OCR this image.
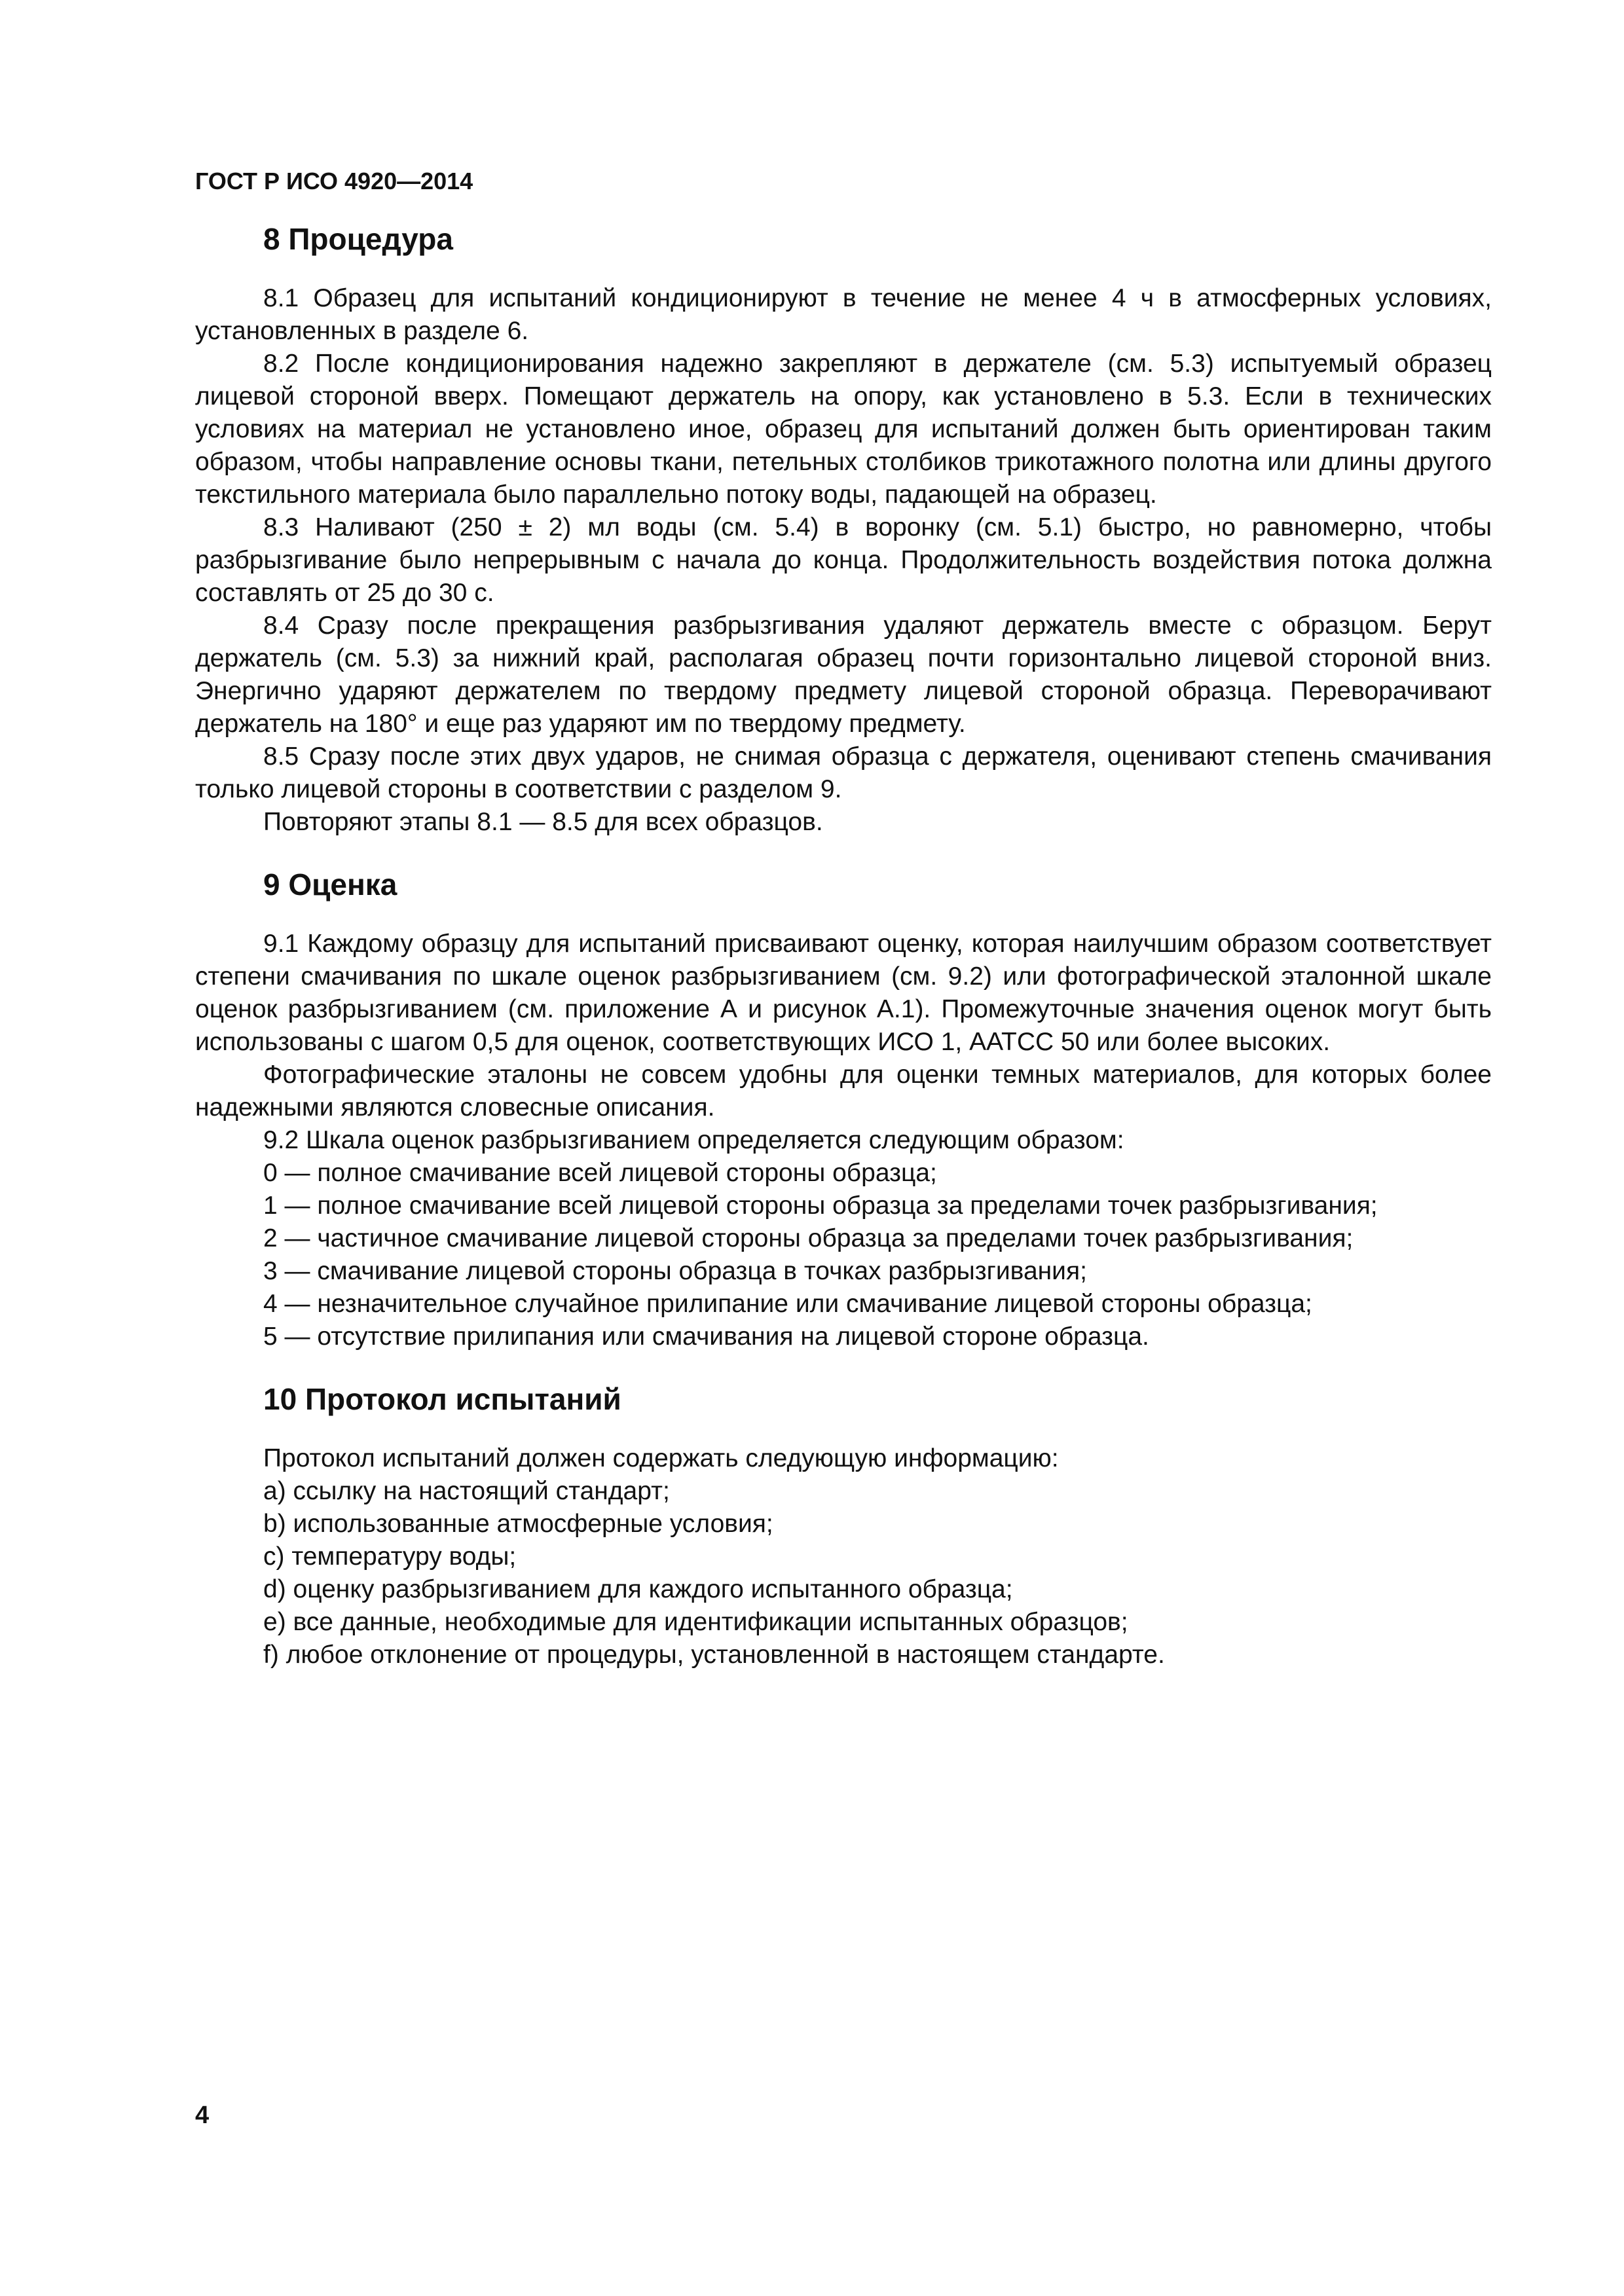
ГОСТ Р ИСО 4920—2014

8 Процедура

8.1 Образец для испытаний кондиционируют в течение не менее 4 ч в атмосферных условиях, установленных в разделе 6.

8.2 После кондиционирования надежно закрепляют в держателе (см. 5.3) испытуемый образец лицевой стороной вверх. Помещают держатель на опору, как установлено в 5.3. Если в технических условиях на материал не установлено иное, образец для испытаний должен быть ориентирован таким образом, чтобы направление основы ткани, петельных столбиков трикотажного полотна или длины другого текстильного материала было параллельно потоку воды, падающей на образец.

8.3 Наливают (250 ± 2) мл воды (см. 5.4) в воронку (см. 5.1) быстро, но равномерно, чтобы разбрызгивание было непрерывным с начала до конца. Продолжительность воздействия потока должна составлять от 25 до 30 с.

8.4 Сразу после прекращения разбрызгивания удаляют держатель вместе с образцом. Берут держатель (см. 5.3) за нижний край, располагая образец почти горизонтально лицевой стороной вниз. Энергично ударяют держателем по твердому предмету лицевой стороной образца. Переворачивают держатель на 180° и еще раз ударяют им по твердому предмету.

8.5 Сразу после этих двух ударов, не снимая образца с держателя, оценивают степень смачивания только лицевой стороны в соответствии с разделом 9.

Повторяют этапы 8.1 — 8.5 для всех образцов.

9 Оценка

9.1 Каждому образцу для испытаний присваивают оценку, которая наилучшим образом соответствует степени смачивания по шкале оценок разбрызгиванием (см. 9.2) или фотографической эталонной шкале оценок разбрызгиванием (см. приложение А и рисунок А.1). Промежуточные значения оценок могут быть использованы с шагом 0,5 для оценок, соответствующих ИСО 1, ААТСС 50 или более высоких.

Фотографические эталоны не совсем удобны для оценки темных материалов, для которых более надежными являются словесные описания.

9.2 Шкала оценок разбрызгиванием определяется следующим образом:

0 — полное смачивание всей лицевой стороны образца;

1 — полное смачивание всей лицевой стороны образца за пределами точек разбрызгивания;

2 — частичное смачивание лицевой стороны образца за пределами точек разбрызгивания;

3 — смачивание лицевой стороны образца в точках разбрызгивания;

4 — незначительное случайное прилипание или смачивание лицевой стороны образца;

5 — отсутствие прилипания или смачивания на лицевой стороне образца.

10 Протокол испытаний

Протокол испытаний должен содержать следующую информацию:

a) ссылку на настоящий стандарт;

b) использованные атмосферные условия;

c) температуру воды;

d) оценку разбрызгиванием для каждого испытанного образца;

e) все данные, необходимые для идентификации испытанных образцов;

f) любое отклонение от процедуры, установленной в настоящем стандарте.

4
